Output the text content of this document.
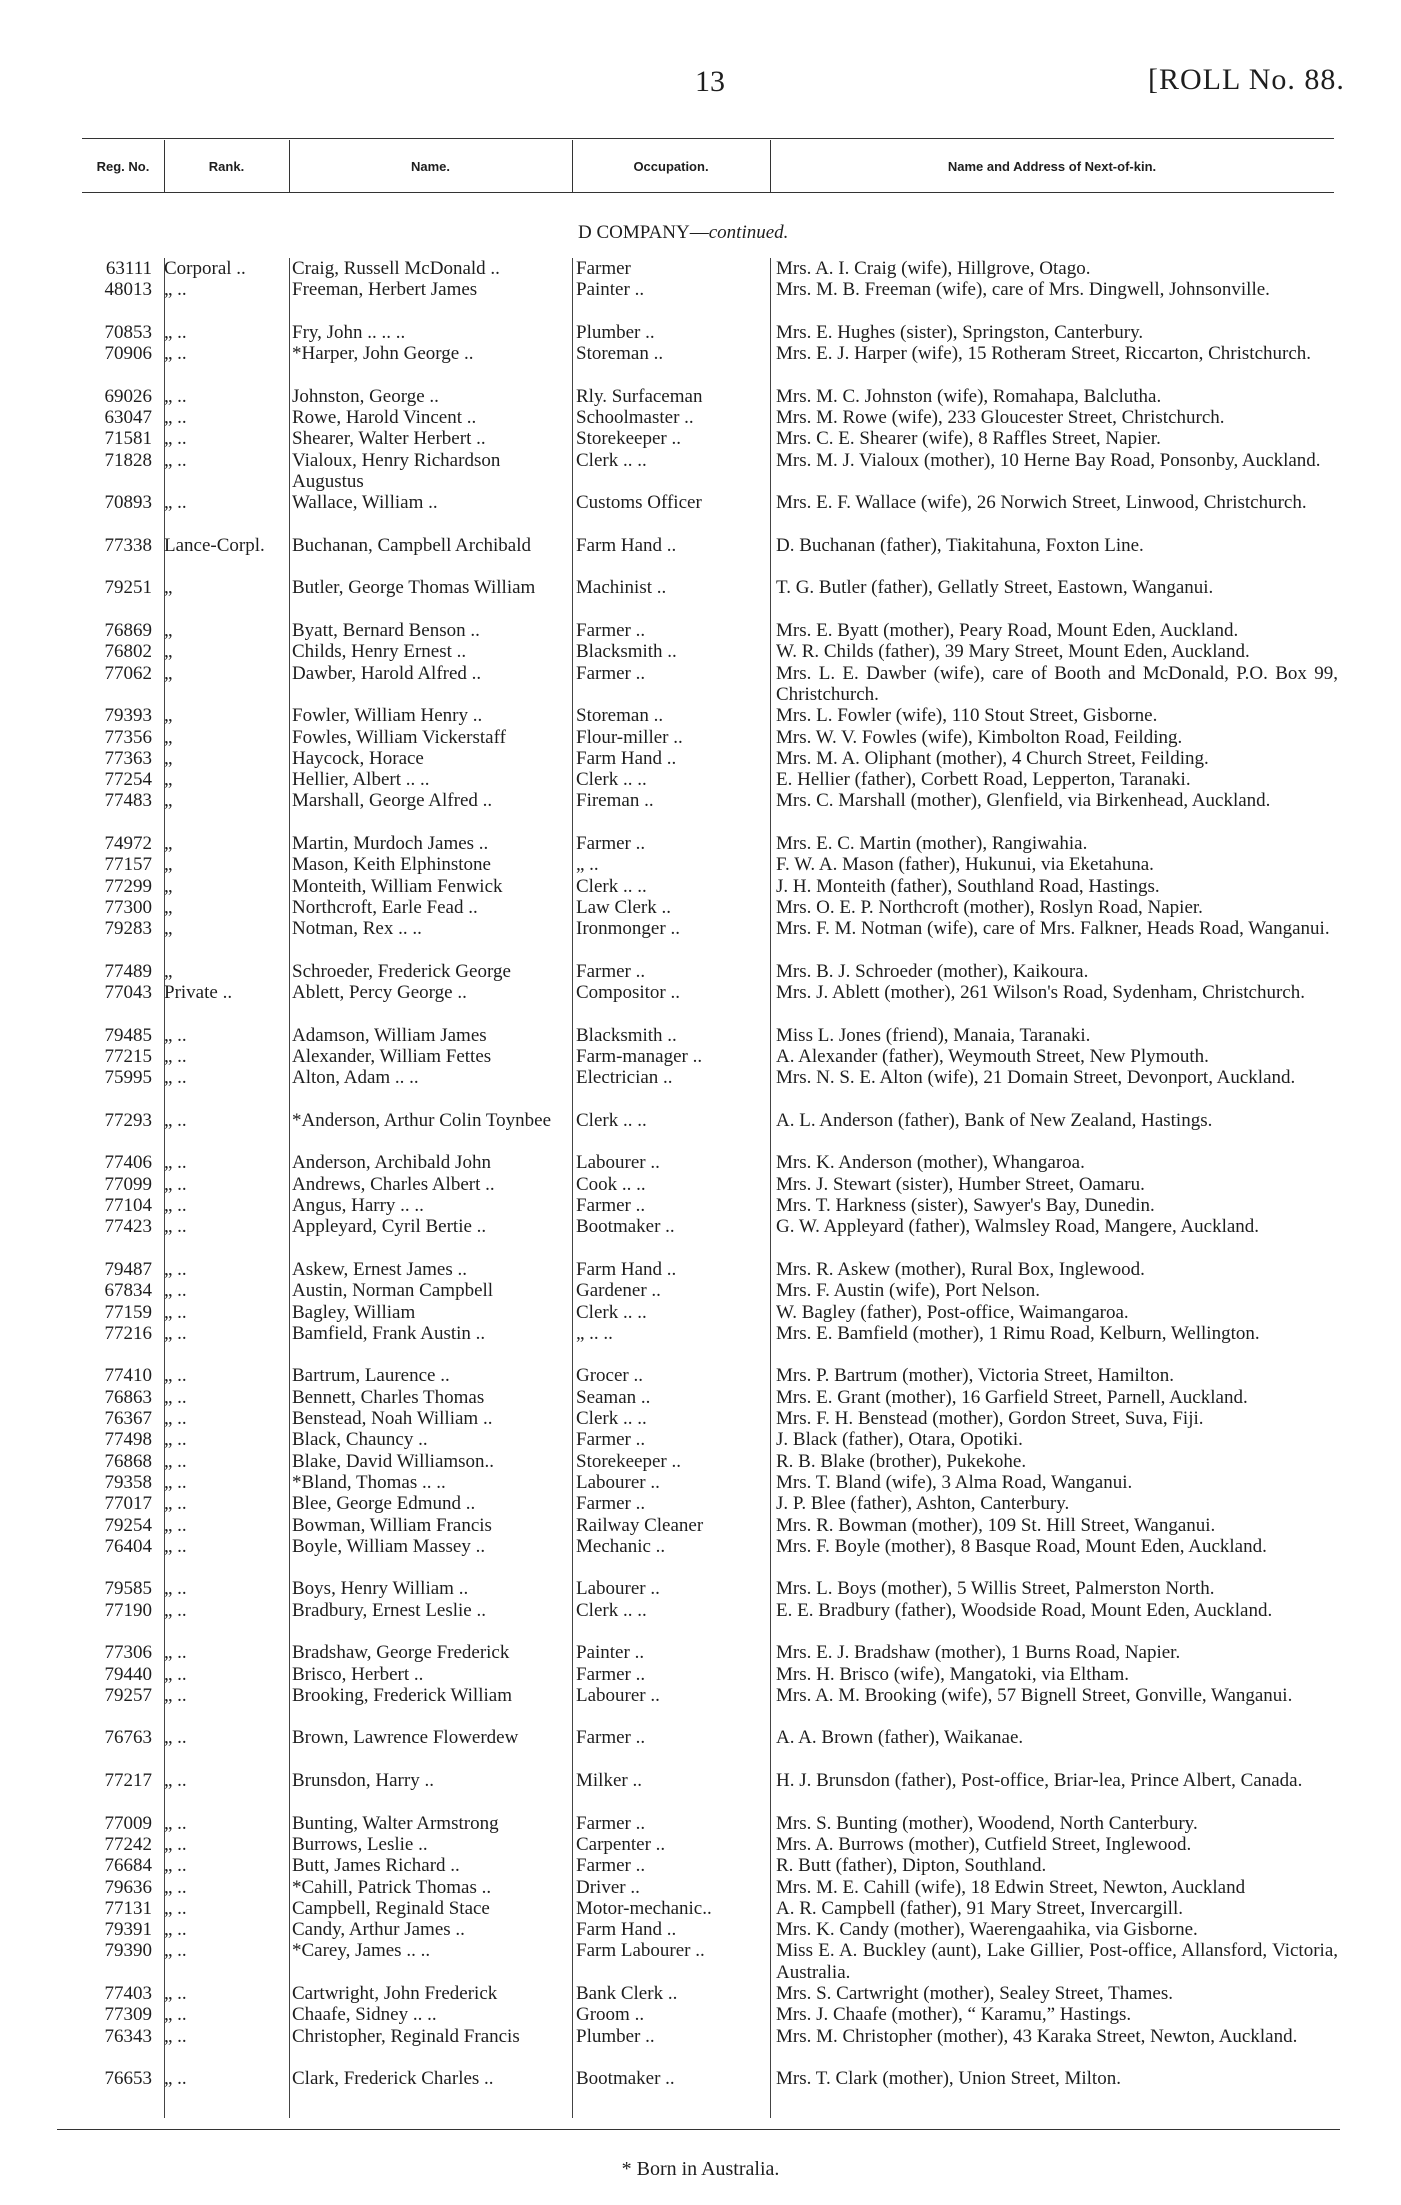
13	[ROLL No. 88.
Reg. No.	Rank.	Name.	Occupation.	Name and Address of Next-of-kin.
D COMPANY—continued.
63111 Corporal ..	Craig, Russell McDonald ..	Farmer	Mrs. A. I. Craig (wife), Hillgrove, Otago.
48013 „ ..	Freeman, Herbert James	Painter ..	Mrs. M. B. Freeman (wife), care of Mrs. Dingwell, Johnsonville.
70853 „ ..	Fry, John .. .. ..	Plumber ..	Mrs. E. Hughes (sister), Springston, Canterbury.
70906 „ ..	*Harper, John George ..	Storeman ..	Mrs. E. J. Harper (wife), 15 Rotheram Street, Riccarton, Christchurch.
69026 „ ..	Johnston, George ..	Rly. Surfaceman	Mrs. M. C. Johnston (wife), Romahapa, Balclutha.
63047 „ ..	Rowe, Harold Vincent ..	Schoolmaster ..	Mrs. M. Rowe (wife), 233 Gloucester Street, Christchurch.
71581 „ ..	Shearer, Walter Herbert ..	Storekeeper ..	Mrs. C. E. Shearer (wife), 8 Raffles Street, Napier.
71828 „ ..	Vialoux, Henry Richardson Augustus
Clerk .. ..	Mrs. M. J. Vialoux (mother), 10 Herne Bay Road, Ponsonby, Auckland.
70893 „ ..	Wallace, William ..	Customs Officer	Mrs. E. F. Wallace (wife), 26 Norwich Street, Linwood, Christchurch.
77338 Lance-Corpl.	Buchanan, Campbell Archibald	Farm Hand ..	D. Buchanan (father), Tiakitahuna, Foxton Line.
79251 „	Butler, George Thomas William	Machinist ..	T. G. Butler (father), Gellatly Street, Eastown, Wanganui.
76869 „	Byatt, Bernard Benson ..	Farmer ..	Mrs. E. Byatt (mother), Peary Road, Mount Eden, Auckland.
76802 „	Childs, Henry Ernest ..	Blacksmith ..	W. R. Childs (father), 39 Mary Street, Mount Eden, Auckland.
77062 „	Dawber, Harold Alfred ..	Farmer ..	Mrs. L. E. Dawber (wife), care of Booth and McDonald, P.O. Box 99, Christchurch.
79393 „	Fowler, William Henry ..	Storeman ..	Mrs. L. Fowler (wife), 110 Stout Street, Gisborne.
77356 „	Fowles, William Vickerstaff	Flour-miller ..	Mrs. W. V. Fowles (wife), Kimbolton Road, Feilding.
77363 „	Haycock, Horace	Farm Hand ..	Mrs. M. A. Oliphant (mother), 4 Church Street, Feilding.
77254 „	Hellier, Albert .. ..	Clerk .. ..	E. Hellier (father), Corbett Road, Lepperton, Taranaki.
77483 „	Marshall, George Alfred ..	Fireman ..	Mrs. C. Marshall (mother), Glenfield, via Birkenhead, Auckland.
74972 „	Martin, Murdoch James ..	Farmer ..	Mrs. E. C. Martin (mother), Rangiwahia.
77157 „	Mason, Keith Elphinstone	„ ..	F. W. A. Mason (father), Hukunui, via Eketahuna.
77299 „	Monteith, William Fenwick	Clerk .. ..	J. H. Monteith (father), Southland Road, Hastings.
77300 „	Northcroft, Earle Fead ..	Law Clerk ..	Mrs. O. E. P. Northcroft (mother), Roslyn Road, Napier.
79283 „	Notman, Rex .. ..	Ironmonger ..	Mrs. F. M. Notman (wife), care of Mrs. Falkner, Heads Road, Wanganui.
77489 „	Schroeder, Frederick George	Farmer ..	Mrs. B. J. Schroeder (mother), Kaikoura.
77043 Private ..	Ablett, Percy George ..	Compositor ..	Mrs. J. Ablett (mother), 261 Wilson's Road, Sydenham, Christchurch.
79485 „ ..	Adamson, William James	Blacksmith ..	Miss L. Jones (friend), Manaia, Taranaki.
77215 „ ..	Alexander, William Fettes	Farm-manager ..	A. Alexander (father), Weymouth Street, New Plymouth.
75995 „ ..	Alton, Adam .. ..	Electrician ..	Mrs. N. S. E. Alton (wife), 21 Domain Street, Devonport, Auckland.
77293 „ ..	*Anderson, Arthur Colin Toynbee	Clerk .. ..	A. L. Anderson (father), Bank of New Zealand, Hastings.
77406 „ ..	Anderson, Archibald John	Labourer ..	Mrs. K. Anderson (mother), Whangaroa.
77099 „ ..	Andrews, Charles Albert ..	Cook .. ..	Mrs. J. Stewart (sister), Humber Street, Oamaru.
77104 „ ..	Angus, Harry .. ..	Farmer ..	Mrs. T. Harkness (sister), Sawyer's Bay, Dunedin.
77423 „ ..	Appleyard, Cyril Bertie ..	Bootmaker ..	G. W. Appleyard (father), Walmsley Road, Mangere, Auckland.
79487 „ ..	Askew, Ernest James ..	Farm Hand ..	Mrs. R. Askew (mother), Rural Box, Inglewood.
67834 „ ..	Austin, Norman Campbell	Gardener ..	Mrs. F. Austin (wife), Port Nelson.
77159 „ ..	Bagley, William	Clerk .. ..	W. Bagley (father), Post-office, Waimangaroa.
77216 „ ..	Bamfield, Frank Austin ..	„ .. ..	Mrs. E. Bamfield (mother), 1 Rimu Road, Kelburn, Wellington.
77410 „ ..	Bartrum, Laurence ..	Grocer ..	Mrs. P. Bartrum (mother), Victoria Street, Hamilton.
76863 „ ..	Bennett, Charles Thomas	Seaman ..	Mrs. E. Grant (mother), 16 Garfield Street, Parnell, Auckland.
76367 „ ..	Benstead, Noah William ..	Clerk .. ..	Mrs. F. H. Benstead (mother), Gordon Street, Suva, Fiji.
77498 „ ..	Black, Chauncy ..	Farmer ..	J. Black (father), Otara, Opotiki.
76868 „ ..	Blake, David Williamson..	Storekeeper ..	R. B. Blake (brother), Pukekohe.
79358 „ ..	*Bland, Thomas .. ..	Labourer ..	Mrs. T. Bland (wife), 3 Alma Road, Wanganui.
77017 „ ..	Blee, George Edmund ..	Farmer ..	J. P. Blee (father), Ashton, Canterbury.
79254 „ ..	Bowman, William Francis	Railway Cleaner	Mrs. R. Bowman (mother), 109 St. Hill Street, Wanganui.
76404 „ ..	Boyle, William Massey ..	Mechanic ..	Mrs. F. Boyle (mother), 8 Basque Road, Mount Eden, Auckland.
79585 „ ..	Boys, Henry William ..	Labourer ..	Mrs. L. Boys (mother), 5 Willis Street, Palmerston North.
77190 „ ..	Bradbury, Ernest Leslie ..	Clerk .. ..	E. E. Bradbury (father), Woodside Road, Mount Eden, Auckland.
77306 „ ..	Bradshaw, George Frederick	Painter ..	Mrs. E. J. Bradshaw (mother), 1 Burns Road, Napier.
79440 „ ..	Brisco, Herbert ..	Farmer ..	Mrs. H. Brisco (wife), Mangatoki, via Eltham.
79257 „ ..	Brooking, Frederick William	Labourer ..	Mrs. A. M. Brooking (wife), 57 Bignell Street, Gonville, Wanganui.
76763 „ ..	Brown, Lawrence Flowerdew	Farmer ..	A. A. Brown (father), Waikanae.
77217 „ ..	Brunsdon, Harry ..	Milker ..	H. J. Brunsdon (father), Post-office, Briar-lea, Prince Albert, Canada.
77009 „ ..	Bunting, Walter Armstrong	Farmer ..	Mrs. S. Bunting (mother), Woodend, North Canterbury.
77242 „ ..	Burrows, Leslie ..	Carpenter ..	Mrs. A. Burrows (mother), Cutfield Street, Inglewood.
76684 „ ..	Butt, James Richard ..	Farmer ..	R. Butt (father), Dipton, Southland.
79636 „ ..	*Cahill, Patrick Thomas ..	Driver ..	Mrs. M. E. Cahill (wife), 18 Edwin Street, Newton, Auckland
77131 „ ..	Campbell, Reginald Stace	Motor-mechanic..	A. R. Campbell (father), 91 Mary Street, Invercargill.
79391 „ ..	Candy, Arthur James ..	Farm Hand ..	Mrs. K. Candy (mother), Waerengaahika, via Gisborne.
79390 „ ..	*Carey, James .. ..	Farm Labourer ..	Miss E. A. Buckley (aunt), Lake Gillier, Post-office, Allansford, Victoria, Australia.
77403 „ ..	Cartwright, John Frederick	Bank Clerk ..	Mrs. S. Cartwright (mother), Sealey Street, Thames.
77309 „ ..	Chaafe, Sidney .. ..	Groom ..	Mrs. J. Chaafe (mother), “ Karamu,” Hastings.
76343 „ ..	Christopher, Reginald Francis	Plumber ..	Mrs. M. Christopher (mother), 43 Karaka Street, Newton, Auckland.
76653 „ ..	Clark, Frederick Charles ..	Bootmaker ..	Mrs. T. Clark (mother), Union Street, Milton.
* Born in Australia.
